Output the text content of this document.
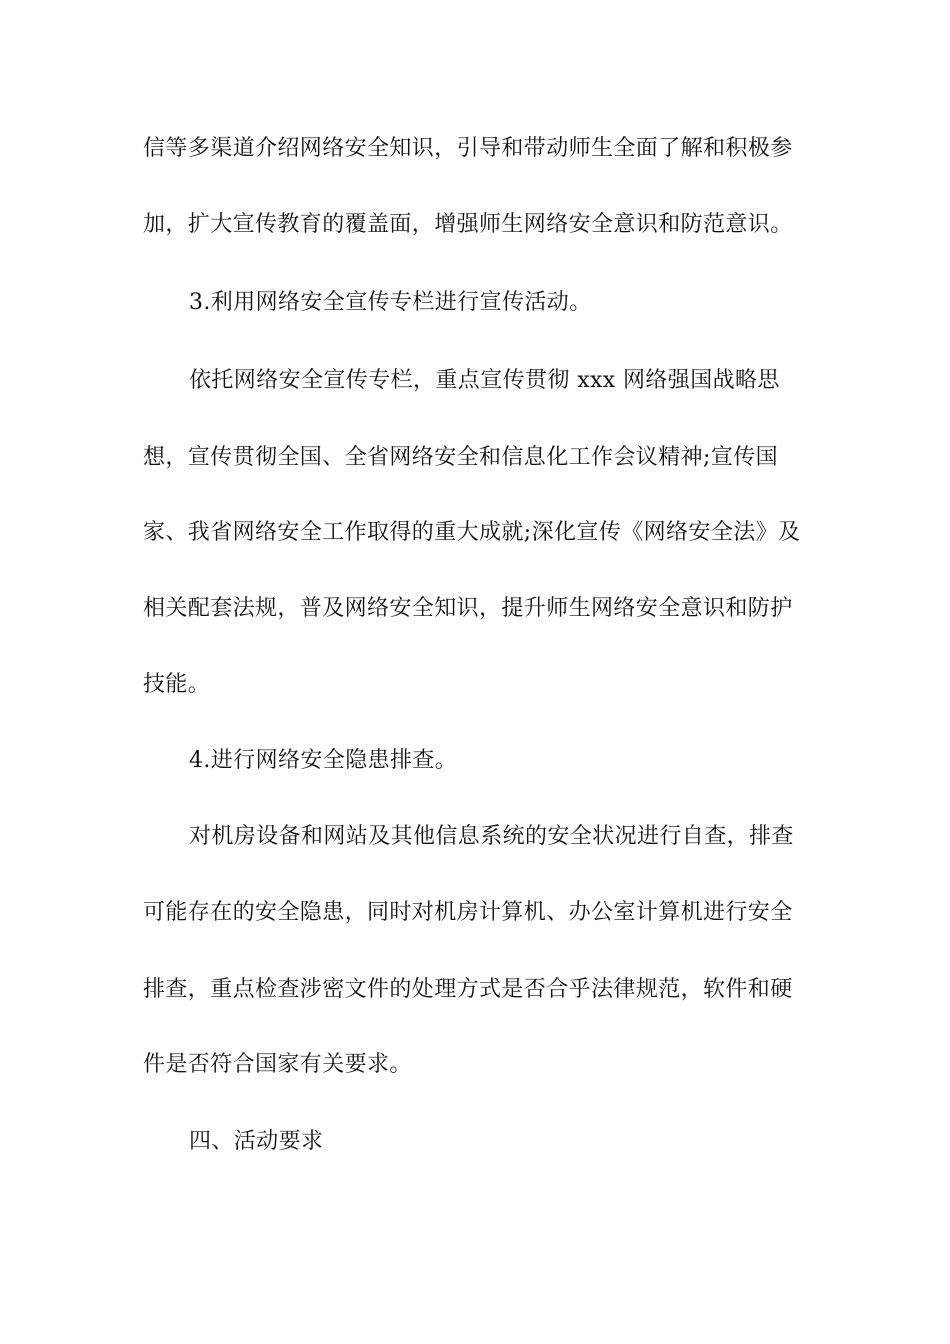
信等多渠道介绍网络安全知识，引导和带动师生全面了解和积极参
加，扩大宣传教育的覆盖面，增强师生网络安全意识和防范意识。
3.利用网络安全宣传专栏进行宣传活动。
依托网络安全宣传专栏，重点宣传贯彻 xxx 网络强国战略思
想，宣传贯彻全国、全省网络安全和信息化工作会议精神;宣传国
家、我省网络安全工作取得的重大成就;深化宣传《网络安全法》及
相关配套法规，普及网络安全知识，提升师生网络安全意识和防护
技能。
4.进行网络安全隐患排查。
对机房设备和网站及其他信息系统的安全状况进行自查，排查
可能存在的安全隐患，同时对机房计算机、办公室计算机进行安全
排查，重点检查涉密文件的处理方式是否合乎法律规范，软件和硬
件是否符合国家有关要求。
四、活动要求
